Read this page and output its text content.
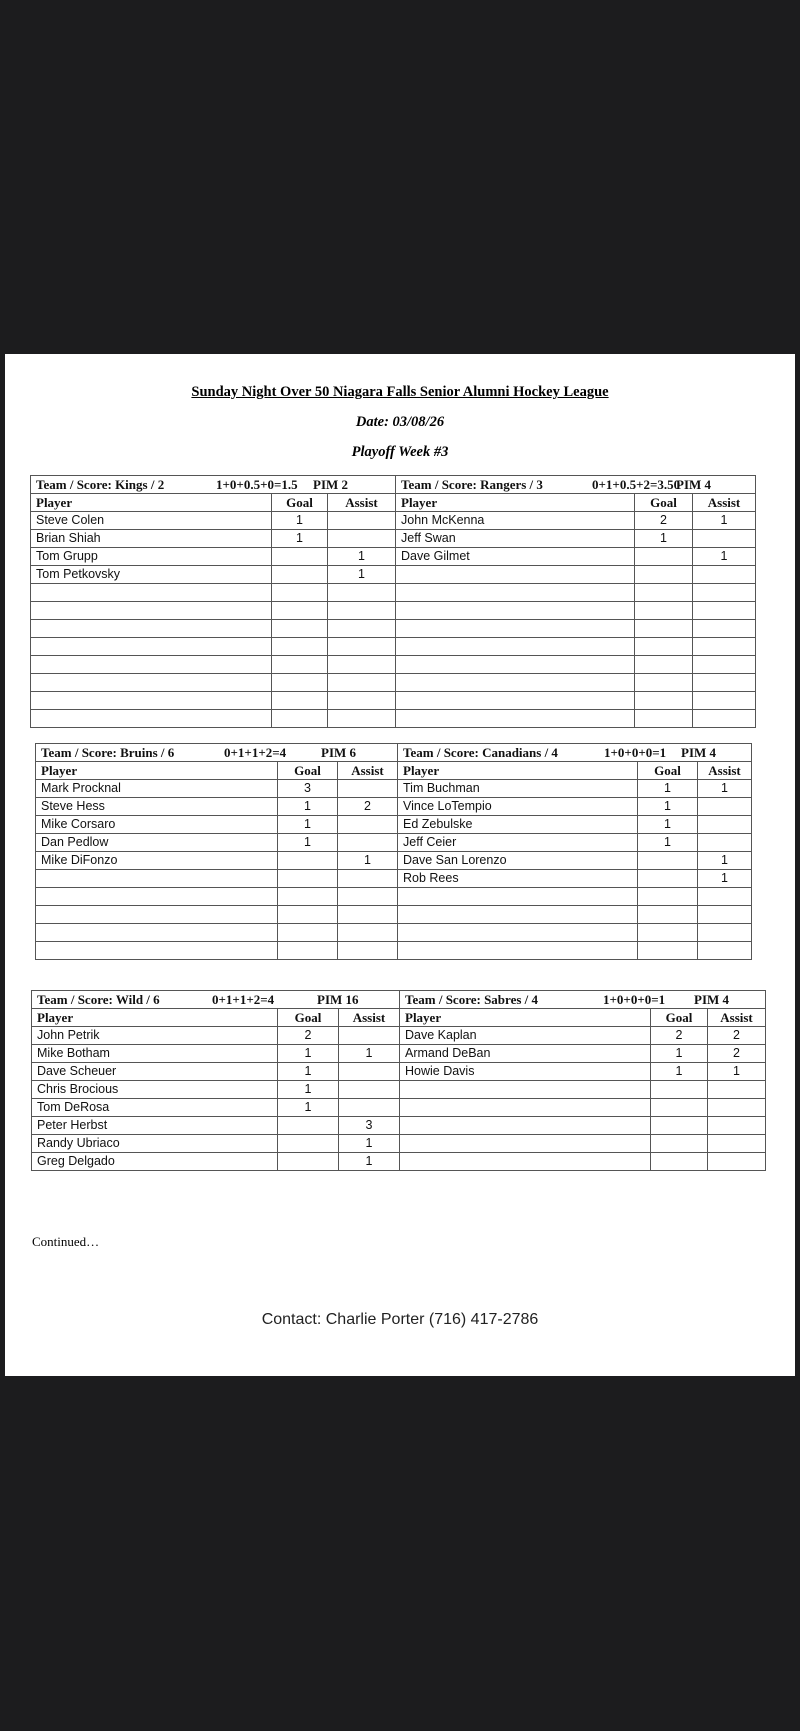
Sunday Night Over 50 Niagara Falls Senior Alumni Hockey League
Date: 03/08/26
Playoff Week #3
Team / Score: Kings / 2 1+0+0.5+0=1.5 PIM 2			Team / Score: Rangers / 3 0+1+0.5+2=3.50
PIM 4		

Player	Goal	Assist	Player	Goal	Assist
Steve Colen	1		John McKenna	2	1
Brian Shiah	1		Jeff Swan	1	
Tom Grupp		1	Dave Gilmet		1
Tom Petkovsky		1			

Team / Score: Bruins / 6 0+1+1+2=4 PIM 6			Team / Score: Canadians / 4 1+0+0+0=1 PIM 4		

Player	Goal	Assist	Player	Goal	Assist
Mark Procknal	3		Tim Buchman	1	1
Steve Hess	1	2	Vince LoTempio	1	
Mike Corsaro	1		Ed Zebulske	1	
Dan Pedlow	1		Jeff Ceier	1	
Mike DiFonzo		1	Dave San Lorenzo		1
			Rob Rees		1

Team / Score: Wild / 6 0+1+1+2=4 PIM 16			Team / Score: Sabres / 4 1+0+0+0=1 PIM 4		

Player	Goal	Assist	Player	Goal	Assist
John Petrik	2		Dave Kaplan	2	2
Mike Botham	1	1	Armand DeBan	1	2
Dave Scheuer	1		Howie Davis	1	1
Chris Brocious	1				
Tom DeRosa	1				
Peter Herbst		3			
Randy Ubriaco		1			
Greg Delgado		1			
Continued…
Contact: Charlie Porter (716) 417-2786
